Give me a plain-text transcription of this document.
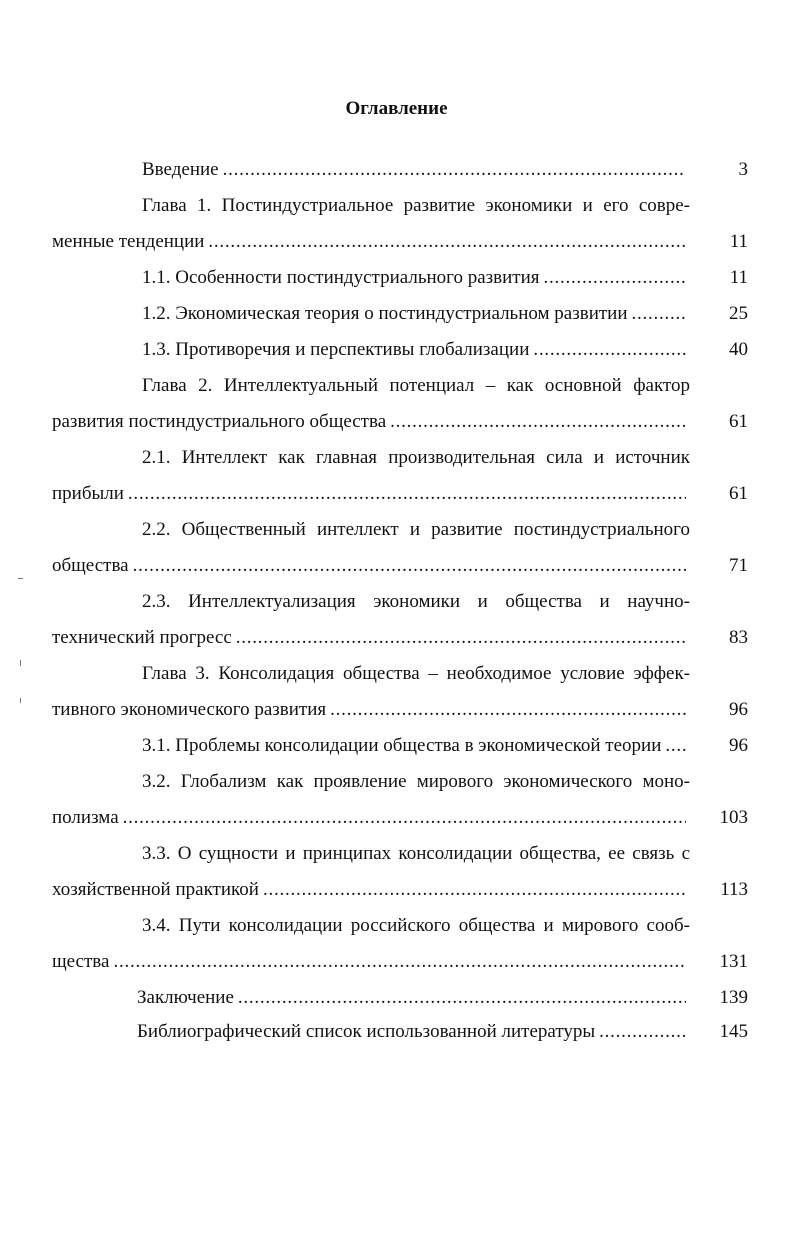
Оглавление
Введение . . .	3
Глава 1. Постиндустриальное развитие экономики и его совре-
менные тенденции . . .	11
1.1. Особенности постиндустриального развития . . .	11
1.2. Экономическая теория о постиндустриальном развитии . . .	25
1.3. Противоречия и перспективы глобализации . . .	40
Глава 2. Интеллектуальный потенциал – как основной фактор
развития постиндустриального общества . . .	61
2.1. Интеллект как главная производительная сила и источник
прибыли . . .	61
2.2. Общественный интеллект и развитие постиндустриального
общества . . .	71
2.3. Интеллектуализация экономики и общества и научно-
технический прогресс . . .	83
Глава 3. Консолидация общества – необходимое условие эффек-
тивного экономического развития . . .	96
3.1. Проблемы консолидации общества в экономической теории . . .	96
3.2. Глобализм как проявление мирового экономического моно-
полизма . . .	103
3.3. О сущности и принципах консолидации общества, ее связь с
хозяйственной практикой . . .	113
3.4. Пути консолидации российского общества и мирового сооб-
щества . . .	131
Заключение . . .	139
Библиографический список использованной литературы . . .	145
